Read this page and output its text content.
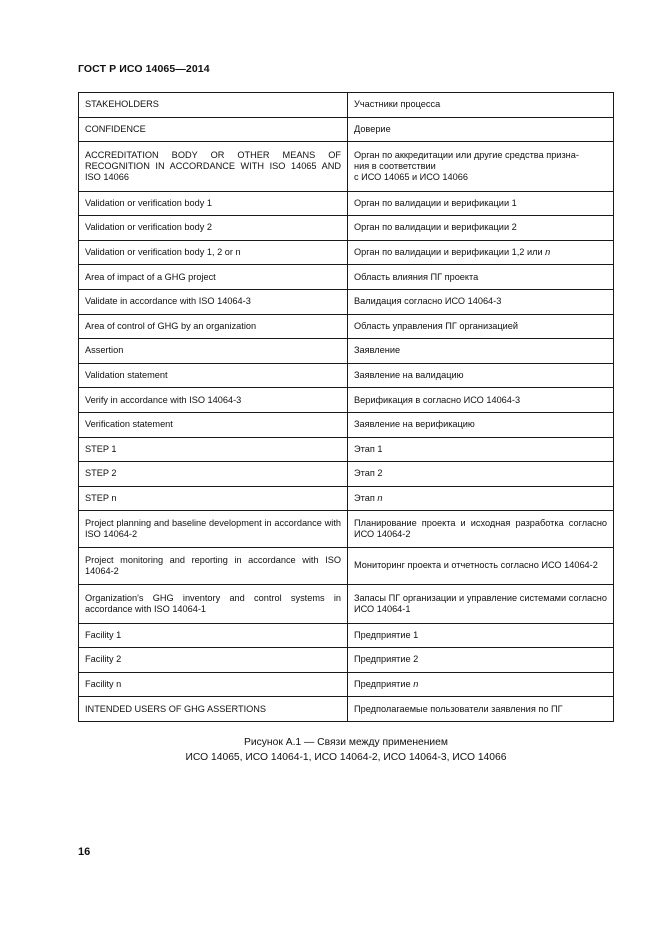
ГОСТ Р ИСО 14065—2014
STAKEHOLDERS	Участники процесса
CONFIDENCE	Доверие
ACCREDITATION BODY OR OTHER MEANS OF RECOGNITION IN ACCORDANCE WITH ISO 14065 AND ISO 14066	Орган по аккредитации или другие средства призна-
ния в соответствии
с ИСО 14065 и ИСО 14066
Validation or verification body 1	Орган по валидации и верификации 1
Validation or verification body 2	Орган по валидации и верификации 2
Validation or verification body 1, 2 or n	Орган по валидации и верификации 1,2 или n
Area of impact of a GHG project	Область влияния ПГ проекта
Validate in accordance with ISO 14064-3	Валидация согласно ИСО 14064-3
Area of control of GHG by an organization	Область управления ПГ организацией
Assertion	Заявление
Validation statement	Заявление на валидацию
Verify in accordance with ISO 14064-3	Верификация в согласно ИСО 14064-3
Verification statement	Заявление на верификацию
STEP 1	Этап 1
STEP 2	Этап 2
STEP n	Этап n
Project planning and baseline development in accordance with ISO 14064-2	Планирование проекта и исходная разработка согласно ИСО 14064-2
Project monitoring and reporting in accordance with ISO 14064-2	Мониторинг проекта и отчетность согласно ИСО 14064-2
Organization's GHG inventory and control systems in accordance with ISO 14064-1	Запасы ПГ организации и управление системами согласно ИСО 14064-1
Facility 1	Предприятие 1
Facility 2	Предприятие 2
Facility n	Предприятие n
INTENDED USERS OF GHG ASSERTIONS	Предполагаемые пользователи заявления по ПГ
Рисунок А.1 — Связи между применением
ИСО 14065, ИСО 14064-1, ИСО 14064-2, ИСО 14064-3, ИСО 14066
16
